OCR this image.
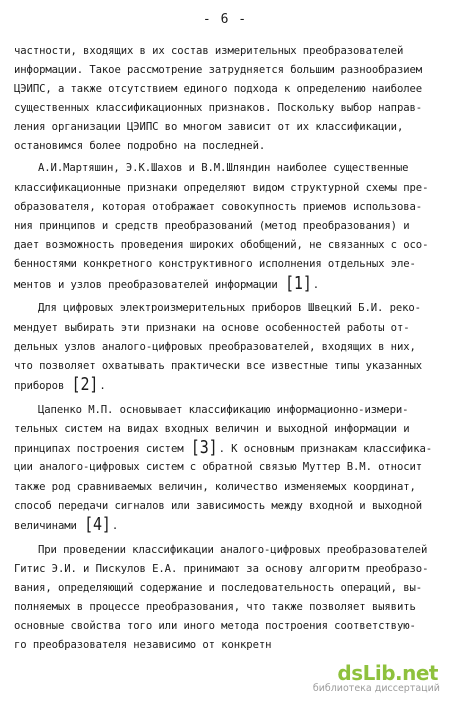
- 6 -
частности, входящих в их состав измерительных преобразователей
информации. Такое рассмотрение затрудняется большим разнообразием
ЦЭИПС, а также отсутствием единого подхода к определению наиболее
существенных классификационных признаков. Поскольку выбор направ-
ления организации ЦЭИПС во многом зависит от их классификации,
остановимся более подробно на последней.
А.И.Мартяшин, Э.К.Шахов и В.М.Шляндин наиболее существенные
классификационные признаки определяют видом структурной схемы пре-
образователя, которая отображает совокупность приемов использова-
ния принципов и средств преобразований (метод преобразования) и
дает возможность проведения широких обобщений, не связанных с осо-
бенностями конкретного конструктивного исполнения отдельных эле-
ментов и узлов преобразователей информации [1].
Для цифровых электроизмерительных приборов Швецкий Б.И. реко-
мендует выбирать эти признаки на основе особенностей работы от-
дельных узлов аналого-цифровых преобразователей, входящих в них,
что позволяет охватывать практически все известные типы указанных
приборов [2].
Цапенко М.П. основывает классификацию информационно-измери-
тельных систем на видах входных величин и выходной информации и
принципах построения систем [3]. К основным признакам классифика-
ции аналого-цифровых систем с обратной связью Муттер В.М. относит
также род сравниваемых величин, количество изменяемых координат,
способ передачи сигналов или зависимость между входной и выходной
величинами [4].
При проведении классификации аналого-цифровых преобразователей
Гитис Э.И. и Пискулов Е.А. принимают за основу алгоритм преобразо-
вания, определяющий содержание и последовательность операций, вы-
полняемых в процессе преобразования, что также позволяет выявить
основные свойства того или иного метода построения соответствую-
го преобразователя независимо от конкретн
dsLib.net
библиотека диссертаций
